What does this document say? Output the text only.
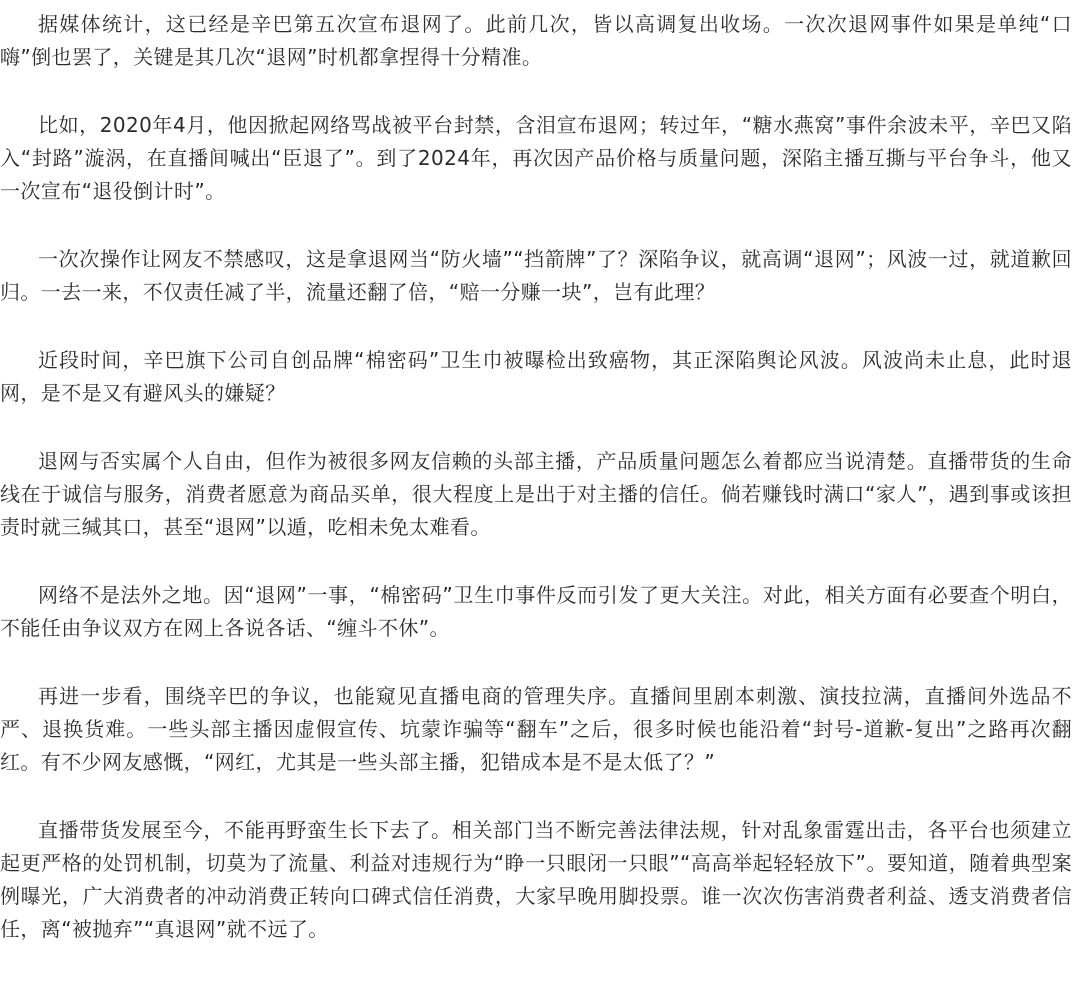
据媒体统计，这已经是辛巴第五次宣布退网了。此前几次，皆以高调复出收场。一次次退网事件如果是单纯“口嗨”倒也罢了，关键是其几次“退网”时机都拿捏得十分精准。

比如，2020年4月，他因掀起网络骂战被平台封禁，含泪宣布退网；转过年，“糖水燕窝”事件余波未平，辛巴又陷入“封路”漩涡，在直播间喊出“臣退了”。到了2024年，再次因产品价格与质量问题，深陷主播互撕与平台争斗，他又一次宣布“退役倒计时”。

一次次操作让网友不禁感叹，这是拿退网当“防火墙”“挡箭牌”了？深陷争议，就高调“退网”；风波一过，就道歉回归。一去一来，不仅责任减了半，流量还翻了倍，“赔一分赚一块”，岂有此理？

近段时间，辛巴旗下公司自创品牌“棉密码”卫生巾被曝检出致癌物，其正深陷舆论风波。风波尚未止息，此时退网，是不是又有避风头的嫌疑？

退网与否实属个人自由，但作为被很多网友信赖的头部主播，产品质量问题怎么着都应当说清楚。直播带货的生命线在于诚信与服务，消费者愿意为商品买单，很大程度上是出于对主播的信任。倘若赚钱时满口“家人”，遇到事或该担责时就三缄其口，甚至“退网”以遁，吃相未免太难看。

网络不是法外之地。因“退网”一事，“棉密码”卫生巾事件反而引发了更大关注。对此，相关方面有必要查个明白，不能任由争议双方在网上各说各话、“缠斗不休”。

再进一步看，围绕辛巴的争议，也能窥见直播电商的管理失序。直播间里剧本刺激、演技拉满，直播间外选品不严、退换货难。一些头部主播因虚假宣传、坑蒙诈骗等“翻车”之后，很多时候也能沿着“封号-道歉-复出”之路再次翻红。有不少网友感慨，“网红，尤其是一些头部主播，犯错成本是不是太低了？”

直播带货发展至今，不能再野蛮生长下去了。相关部门当不断完善法律法规，针对乱象雷霆出击，各平台也须建立起更严格的处罚机制，切莫为了流量、利益对违规行为“睁一只眼闭一只眼”“高高举起轻轻放下”。要知道，随着典型案例曝光，广大消费者的冲动消费正转向口碑式信任消费，大家早晚用脚投票。谁一次次伤害消费者利益、透支消费者信任，离“被抛弃”“真退网”就不远了。
